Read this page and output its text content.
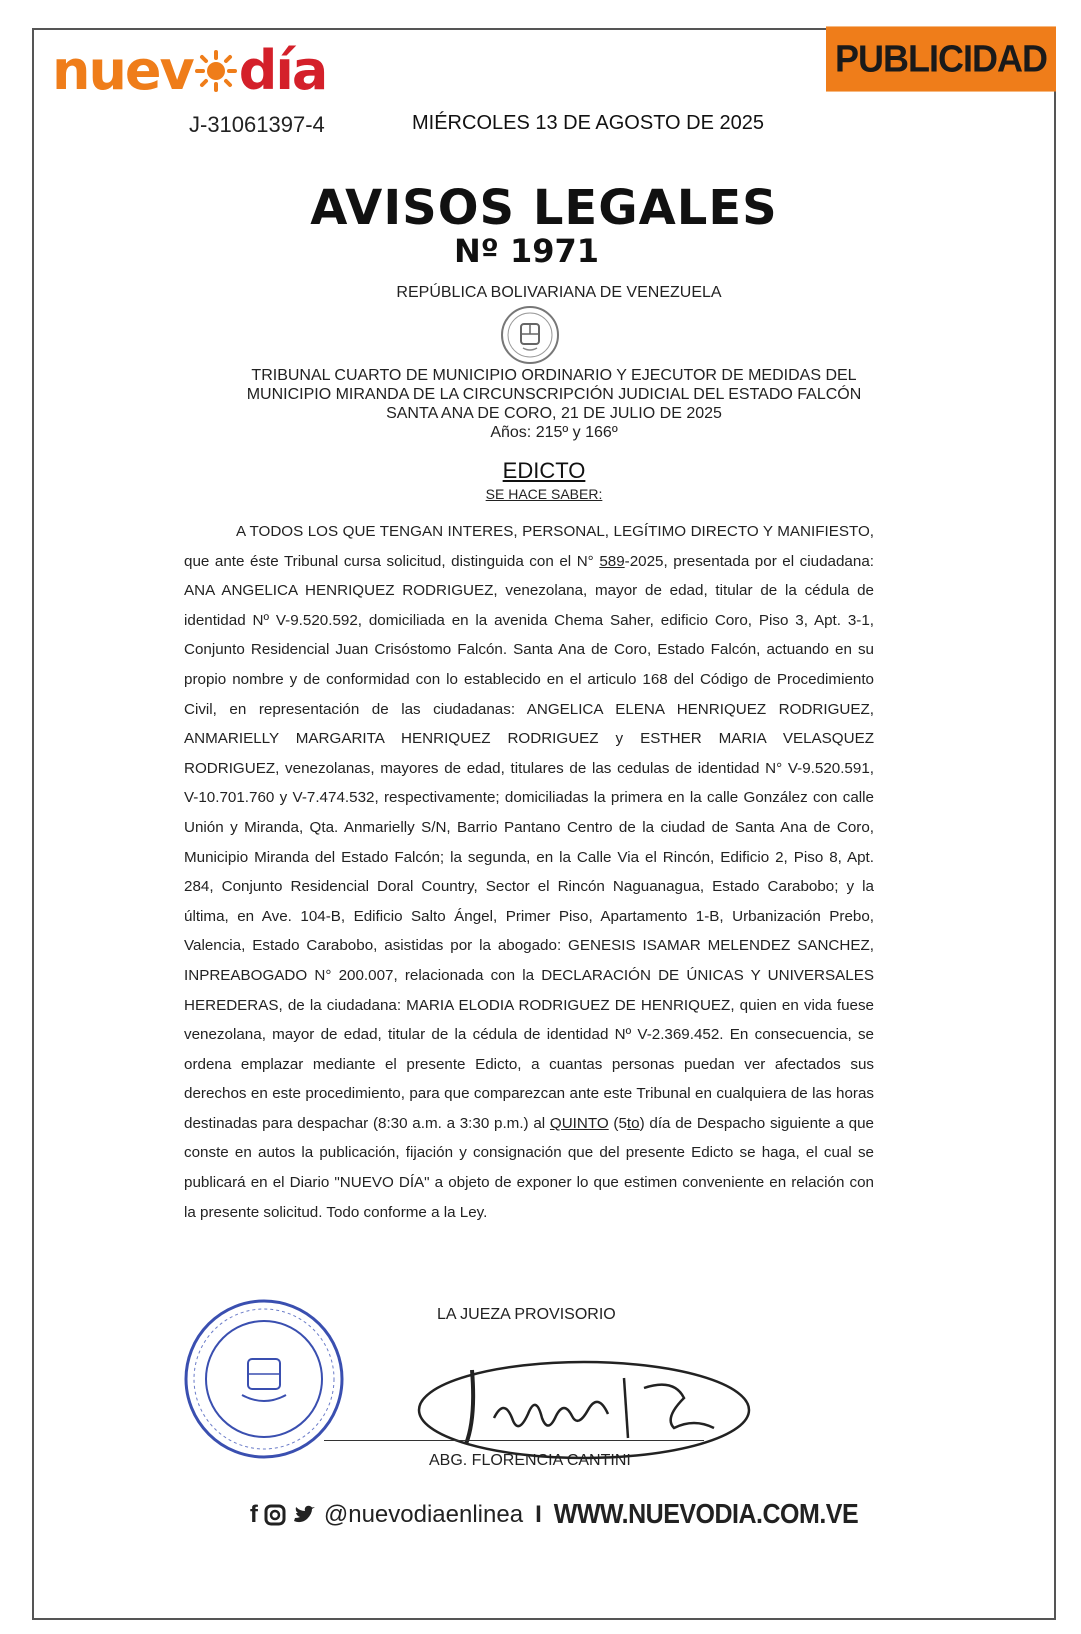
nuev día	PUBLICIDAD
J-31061397-4	MIÉRCOLES 13 DE AGOSTO DE 2025
AVISOS LEGALES
Nº 1971
REPÚBLICA BOLIVARIANA DE VENEZUELA
TRIBUNAL CUARTO DE MUNICIPIO ORDINARIO Y EJECUTOR DE MEDIDAS DEL
MUNICIPIO MIRANDA DE LA CIRCUNSCRIPCIÓN JUDICIAL DEL ESTADO FALCÓN
SANTA ANA DE CORO, 21 DE JULIO DE 2025
Años: 215º y 166º
EDICTO
SE HACE SABER:

A TODOS LOS QUE TENGAN INTERES, PERSONAL, LEGÍTIMO DIRECTO Y MANIFIESTO, que ante éste Tribunal cursa solicitud, distinguida con el N° 589-2025, presentada por el ciudadana: ANA ANGELICA HENRIQUEZ RODRIGUEZ, venezolana, mayor de edad, titular de la cédula de identidad Nº V-9.520.592, domiciliada en la avenida Chema Saher, edificio Coro, Piso 3, Apt. 3-1, Conjunto Residencial Juan Crisóstomo Falcón. Santa Ana de Coro, Estado Falcón, actuando en su propio nombre y de conformidad con lo establecido en el articulo 168 del Código de Procedimiento Civil, en representación de las ciudadanas: ANGELICA ELENA HENRIQUEZ RODRIGUEZ, ANMARIELLY MARGARITA HENRIQUEZ RODRIGUEZ y ESTHER MARIA VELASQUEZ RODRIGUEZ, venezolanas, mayores de edad, titulares de las cedulas de identidad N° V-9.520.591, V-10.701.760 y V-7.474.532, respectivamente; domiciliadas la primera en la calle González con calle Unión y Miranda, Qta. Anmarielly S/N, Barrio Pantano Centro de la ciudad de Santa Ana de Coro, Municipio Miranda del Estado Falcón; la segunda, en la Calle Via el Rincón, Edificio 2, Piso 8, Apt. 284, Conjunto Residencial Doral Country, Sector el Rincón Naguanagua, Estado Carabobo; y la última, en Ave. 104-B, Edificio Salto Ángel, Primer Piso, Apartamento 1-B, Urbanización Prebo, Valencia, Estado Carabobo, asistidas por la abogado: GENESIS ISAMAR MELENDEZ SANCHEZ, INPREABOGADO N° 200.007, relacionada con la DECLARACIÓN DE ÚNICAS Y UNIVERSALES HEREDERAS, de la ciudadana: MARIA ELODIA RODRIGUEZ DE HENRIQUEZ, quien en vida fuese venezolana, mayor de edad, titular de la cédula de identidad Nº V-2.369.452. En consecuencia, se ordena emplazar mediante el presente Edicto, a cuantas personas puedan ver afectados sus derechos en este procedimiento, para que comparezcan ante este Tribunal en cualquiera de las horas destinadas para despachar (8:30 a.m. a 3:30 p.m.) al QUINTO (5to) día de Despacho siguiente a que conste en autos la publicación, fijación y consignación que del presente Edicto se haga, el cual se publicará en el Diario "NUEVO DÍA" a objeto de exponer lo que estimen conveniente en relación con la presente solicitud. Todo conforme a la Ley.

LA JUEZA PROVISORIO
ABG. FLORENCIA CANTINI
f	@nuevodiaenlinea I WWW.NUEVODIA.COM.VE
